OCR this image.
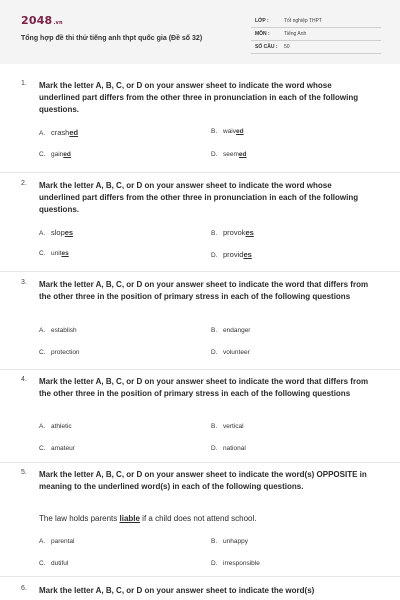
2048.vn
Tổng hợp đề thi thử tiếng anh thpt quốc gia (Đề số 32)
LỚP :	Tốt nghiệp THPT
MÔN :	Tiếng Anh
SỐ CÂU : 50
1. Mark the letter A, B, C, or D on your answer sheet to indicate the word whose underlined part differs from the other three in pronunciation in each of the following questions.
A. crashed	B. waived
C. gained	D. seemed
2. Mark the letter A, B, C, or D on your answer sheet to indicate the word whose underlined part differs from the other three in pronunciation in each of the following questions.
A. slopes	B. provokes
C. unites	D. provides
3. Mark the letter A, B, C, or D on your answer sheet to indicate the word that differs from the other three in the position of primary stress in each of the following questions
A. establish	B. endanger
C. protection	D. volunteer
4. Mark the letter A, B, C, or D on your answer sheet to indicate the word that differs from the other three in the position of primary stress in each of the following questions
A. athletic	B. vertical
C. amateur	D. national
5. Mark the letter A, B, C, or D on your answer sheet to indicate the word(s) OPPOSITE in meaning to the underlined word(s) in each of the following questions.
The law holds parents liable if a child does not attend school.
A. parental	B. unhappy
C. dutiful	D. irresponsible
6. Mark the letter A, B, C, or D on your answer sheet to indicate the word(s)
